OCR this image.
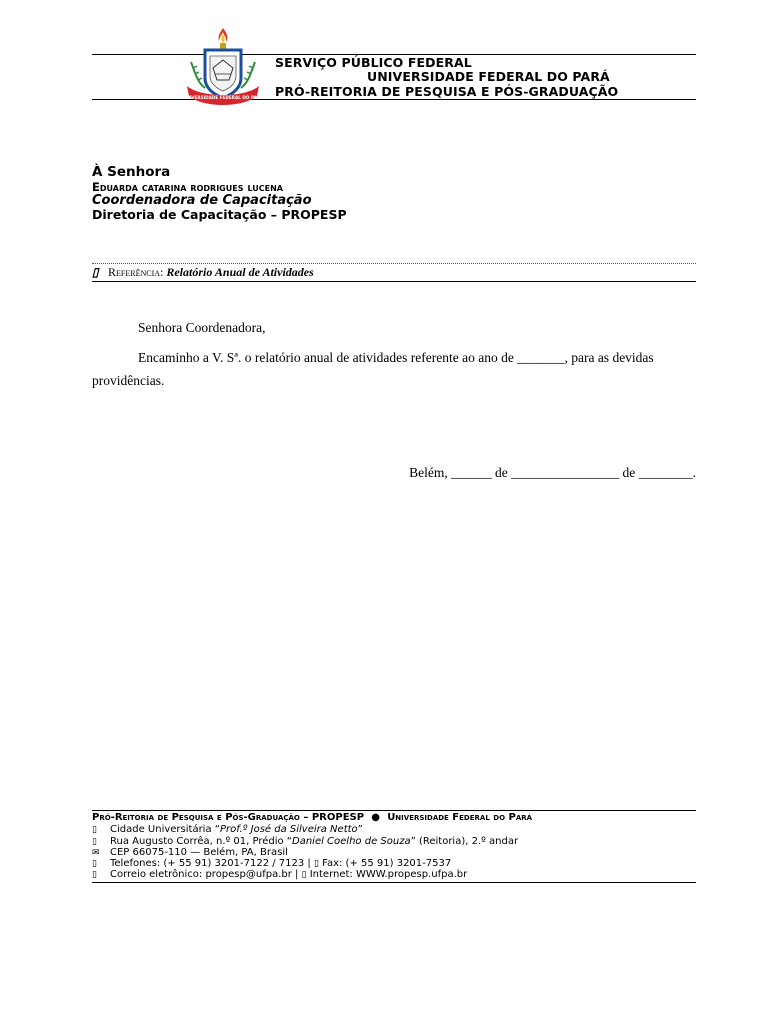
UNIVERSIDADE FEDERAL DO PARÁ
SERVIÇO PÚBLICO FEDERAL
UNIVERSIDADE FEDERAL DO PARÁ
PRÓ-REITORIA DE PESQUISA E PÓS-GRADUAÇÃO
À Senhora
Eduarda catarina rodrigues lucena
Coordenadora de Capacitação
Diretoria de Capacitação – PROPESP
▯ Referência: Relatório Anual de Atividades
Senhora Coordenadora,
Encaminho a V. Sª. o relatório anual de atividades referente ao ano de _______, para as devidas
providências.
Belém, ______ de ________________ de ________.
Pró-Reitoria de Pesquisa e Pós-Graduação – PROPESP ● Universidade Federal do Pará
▯ Cidade Universitária “Prof.º José da Silveira Netto”
▯ Rua Augusto Corrêa, n.º 01, Prédio “Daniel Coelho de Souza” (Reitoria), 2.º andar
✉ CEP 66075-110 — Belém, PA, Brasil
▯ Telefones: (+ 55 91) 3201-7122 / 7123 | ▯ Fax: (+ 55 91) 3201-7537
▯ Correio eletrônico: propesp@ufpa.br | ▯ Internet: WWW.propesp.ufpa.br
